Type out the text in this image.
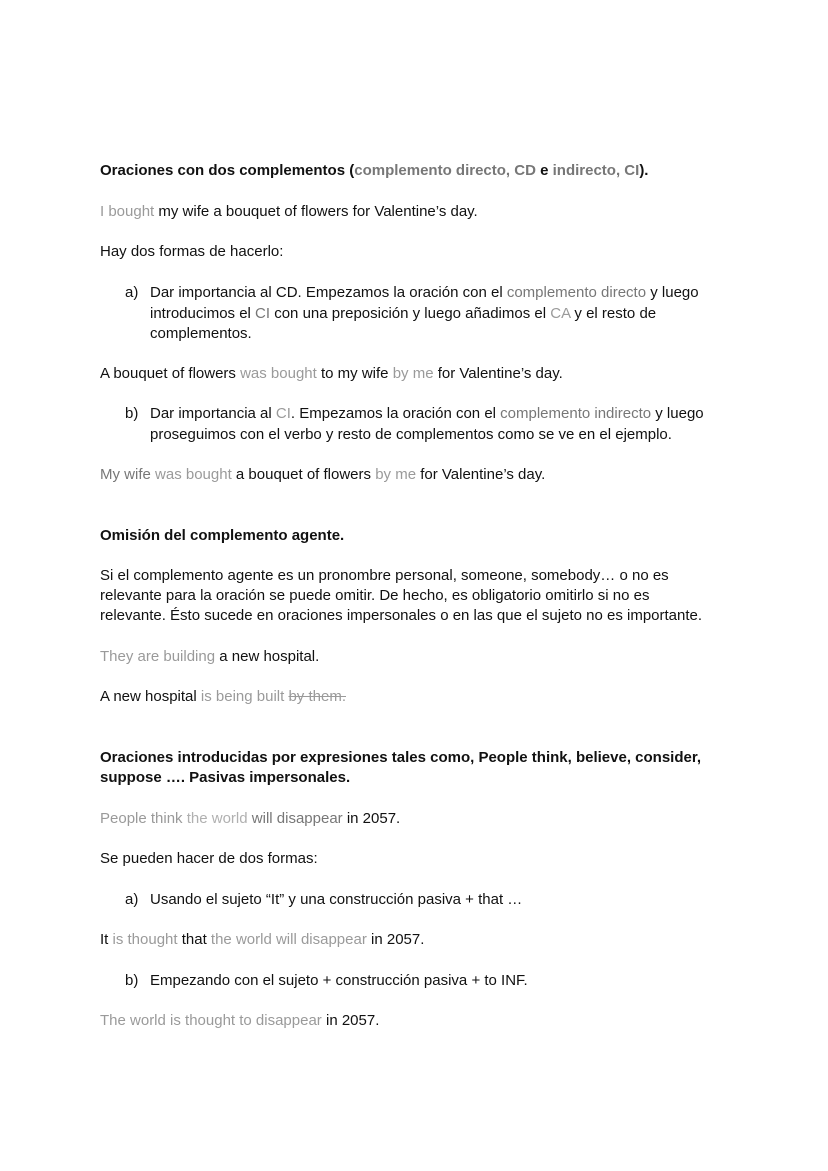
Oraciones con dos complementos (complemento directo, CD e indirecto, CI).
I bought my wife a bouquet of flowers for Valentine’s day.
Hay dos formas de hacerlo:
a) Dar importancia al CD. Empezamos la oración con el complemento directo y luego introducimos el CI con una preposición y luego añadimos el CA y el resto de complementos.
A bouquet of flowers was bought to my wife by me for Valentine’s day.
b) Dar importancia al CI. Empezamos la oración con el complemento indirecto y luego proseguimos con el verbo y resto de complementos como se ve en el ejemplo.
My wife was bought a bouquet of flowers by me for Valentine’s day.
Omisión del complemento agente.
Si el complemento agente es un pronombre personal, someone, somebody… o no es
relevante para la oración se puede omitir. De hecho, es obligatorio omitirlo si no es
relevante. Ésto sucede en oraciones impersonales o en las que el sujeto no es importante.
They are building a new hospital.
A new hospital is being built by them.
Oraciones introducidas por expresiones tales como, People think, believe, consider,
suppose …. Pasivas impersonales.
People think the world will disappear in 2057.
Se pueden hacer de dos formas:
a) Usando el sujeto “It” y una construcción pasiva + that …
It is thought that the world will disappear in 2057.
b) Empezando con el sujeto + construcción pasiva + to INF.
The world is thought to disappear in 2057.
